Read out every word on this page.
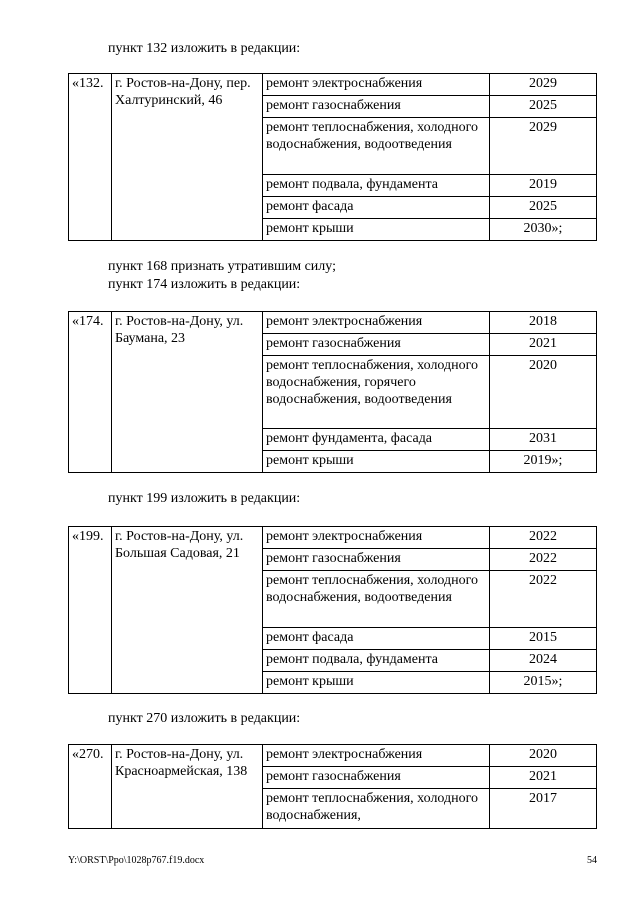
пункт 132 изложить в редакции:
«132.	г. Ростов-на-Дону, пер. Халтуринский, 46	ремонт электроснабжения	2029
		ремонт газоснабжения	2025
		ремонт теплоснабжения, холодного водоснабжения, водоотведения	2029
		ремонт подвала, фундамента	2019
		ремонт фасада	2025
		ремонт крыши	2030»;
пункт 168 признать утратившим силу;
пункт 174 изложить в редакции:
«174.	г. Ростов-на-Дону, ул. Баумана, 23	ремонт электроснабжения	2018
		ремонт газоснабжения	2021
		ремонт теплоснабжения, холодного водоснабжения, горячего водоснабжения, водоотведения	2020
		ремонт фундамента, фасада	2031
		ремонт крыши	2019»;
пункт 199 изложить в редакции:
«199.	г. Ростов-на-Дону, ул. Большая Садовая, 21	ремонт электроснабжения	2022
		ремонт газоснабжения	2022
		ремонт теплоснабжения, холодного водоснабжения, водоотведения	2022
		ремонт фасада	2015
		ремонт подвала, фундамента	2024
		ремонт крыши	2015»;
пункт 270 изложить в редакции:
«270.	г. Ростов-на-Дону, ул. Красноармейская, 138	ремонт электроснабжения	2020
		ремонт газоснабжения	2021
		ремонт теплоснабжения, холодного водоснабжения,	2017
Y:\ORST\Ppo\1028p767.f19.docx	54
